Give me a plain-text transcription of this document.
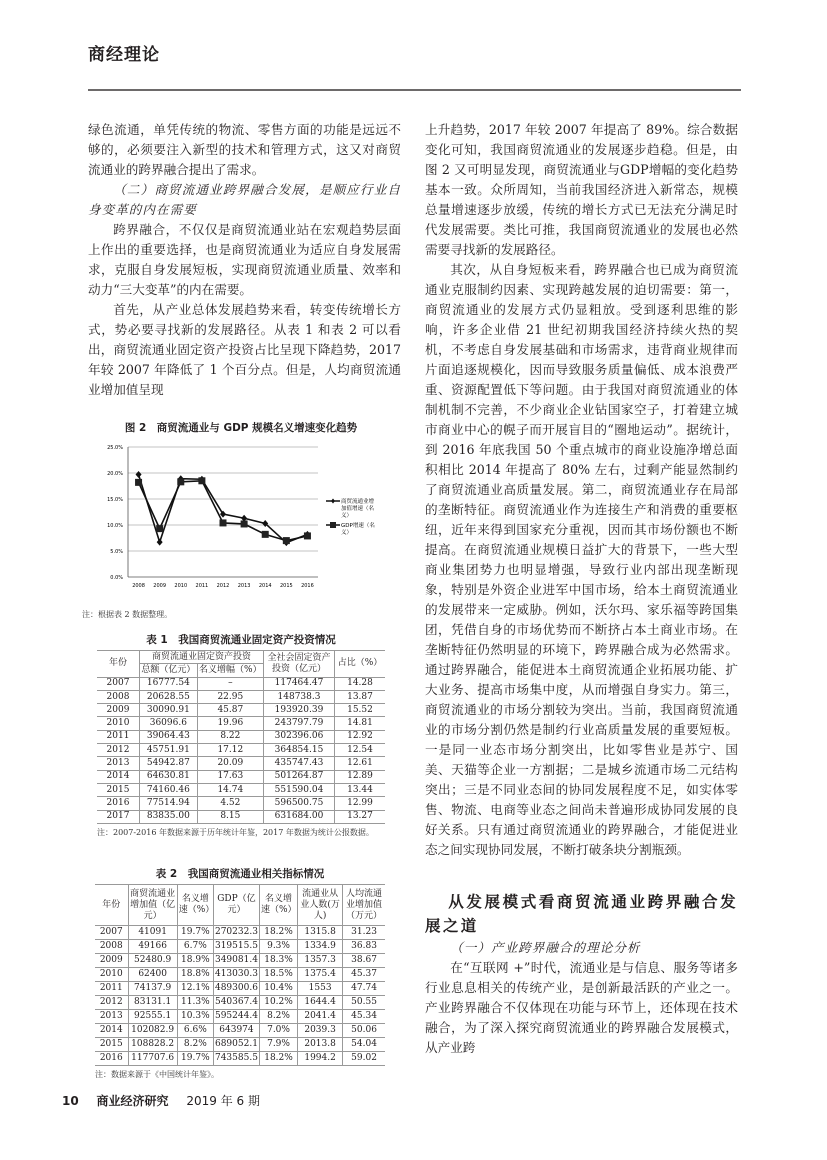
商经理论

绿色流通，单凭传统的物流、零售方面的功能是远远不够的，必须要注入新型的技术和管理方式，这又对商贸流通业的跨界融合提出了需求。

（二）商贸流通业跨界融合发展，是顺应行业自身变革的内在需要

跨界融合，不仅仅是商贸流通业站在宏观趋势层面上作出的重要选择，也是商贸流通业为适应自身发展需求，克服自身发展短板，实现商贸流通业质量、效率和动力“三大变革”的内在需要。

首先，从产业总体发展趋势来看，转变传统增长方式，势必要寻找新的发展路径。从表 1 和表 2 可以看出，商贸流通业固定资产投资占比呈现下降趋势，2017 年较 2007 年降低了 1 个百分点。但是，人均商贸流通业增加值呈现

图 2　商贸流通业与 GDP 规模名义增速变化趋势
0.0%
5.0%
10.0%
15.0%
20.0%
25.0%
2008 2009 2010 2011 2012 2013 2014 2015 2016
商贸流通业增
加值增速（名
义）
GDP增速（名
义）
注：根据表 2 数据整理。
表 1　我国商贸流通业固定资产投资情况
年份	商贸流通业固定资产投资		全社会固定资产投资（亿元）	占比（%）
	总额（亿元）	名义增幅（%）		
2007	16777.54	–	117464.47	14.28
2008	20628.55	22.95	148738.3	13.87
2009	30090.91	45.87	193920.39	15.52
2010	36096.6	19.96	243797.79	14.81
2011	39064.43	8.22	302396.06	12.92
2012	45751.91	17.12	364854.15	12.54
2013	54942.87	20.09	435747.43	12.61
2014	64630.81	17.63	501264.87	12.89
2015	74160.46	14.74	551590.04	13.44
2016	77514.94	4.52	596500.75	12.99
2017	83835.00	8.15	631684.00	13.27
注：2007-2016 年数据来源于历年统计年鉴，2017 年数据为统计公报数据。
表 2　我国商贸流通业相关指标情况
年份	商贸流通业增加值（亿元）	名义增速（%）	GDP（亿元）	名义增速（%）	流通业从业人数(万人)	人均流通业增加值（万元）
2007	41091	19.7%	270232.3	18.2%	1315.8	31.23
2008	49166	6.7%	319515.5	9.3%	1334.9	36.83
2009	52480.9	18.9%	349081.4	18.3%	1357.3	38.67
2010	62400	18.8%	413030.3	18.5%	1375.4	45.37
2011	74137.9	12.1%	489300.6	10.4%	1553	47.74
2012	83131.1	11.3%	540367.4	10.2%	1644.4	50.55
2013	92555.1	10.3%	595244.4	8.2%	2041.4	45.34
2014	102082.9	6.6%	643974	7.0%	2039.3	50.06
2015	108828.2	8.2%	689052.1	7.9%	2013.8	54.04
2016	117707.6	19.7%	743585.5	18.2%	1994.2	59.02
注：数据来源于《中国统计年鉴》。

上升趋势，2017 年较 2007 年提高了 89%。综合数据变化可知，我国商贸流通业的发展逐步趋稳。但是，由图 2 又可明显发现，商贸流通业与GDP增幅的变化趋势基本一致。众所周知，当前我国经济进入新常态，规模总量增速逐步放缓，传统的增长方式已无法充分满足时代发展需要。类比可推，我国商贸流通业的发展也必然需要寻找新的发展路径。

其次，从自身短板来看，跨界融合也已成为商贸流通业克服制约因素、实现跨越发展的迫切需要：第一，商贸流通业的发展方式仍显粗放。受到逐利思维的影响，许多企业借 21 世纪初期我国经济持续火热的契机，不考虑自身发展基础和市场需求，违背商业规律而片面追逐规模化，因而导致服务质量偏低、成本浪费严重、资源配置低下等问题。由于我国对商贸流通业的体制机制不完善，不少商业企业钻国家空子，打着建立城市商业中心的幌子而开展盲目的“圈地运动”。据统计，到 2016 年底我国 50 个重点城市的商业设施净增总面积相比 2014 年提高了 80% 左右，过剩产能显然制约了商贸流通业高质量发展。第二，商贸流通业存在局部的垄断特征。商贸流通业作为连接生产和消费的重要枢纽，近年来得到国家充分重视，因而其市场份额也不断提高。在商贸流通业规模日益扩大的背景下，一些大型商业集团势力也明显增强，导致行业内部出现垄断现象，特别是外资企业进军中国市场，给本土商贸流通业的发展带来一定威胁。例如，沃尔玛、家乐福等跨国集团，凭借自身的市场优势而不断挤占本土商业市场。在垄断特征仍然明显的环境下，跨界融合成为必然需求。通过跨界融合，能促进本土商贸流通企业拓展功能、扩大业务、提高市场集中度，从而增强自身实力。第三，商贸流通业的市场分割较为突出。当前，我国商贸流通业的市场分割仍然是制约行业高质量发展的重要短板。一是同一业态市场分割突出，比如零售业是苏宁、国美、天猫等企业一方割据；二是城乡流通市场二元结构突出；三是不同业态间的协同发展程度不足，如实体零售、物流、电商等业态之间尚未普遍形成协同发展的良好关系。只有通过商贸流通业的跨界融合，才能促进业态之间实现协同发展，不断打破条块分割瓶颈。

从发展模式看商贸流通业跨界融合发展之道

（一）产业跨界融合的理论分析

在“互联网 +”时代，流通业是与信息、服务等诸多行业息息相关的传统产业，是创新最活跃的产业之一。产业跨界融合不仅体现在功能与环节上，还体现在技术融合，为了深入探究商贸流通业的跨界融合发展模式，从产业跨

10 商业经济研究 2019 年 6 期
